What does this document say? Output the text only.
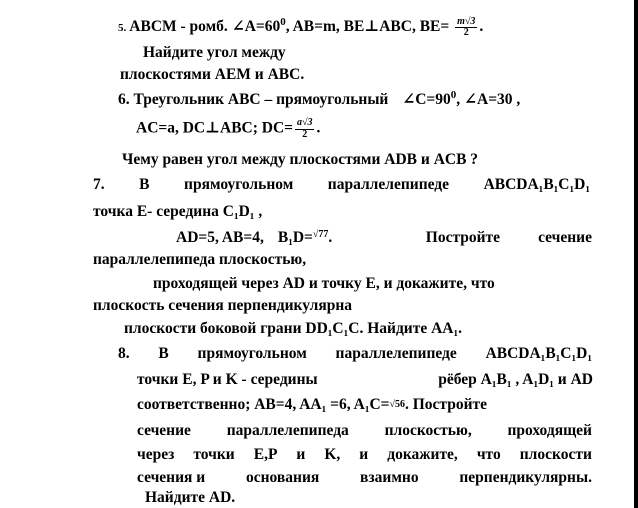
5. ABCM - ромб. $\angle A=60^0$, AB=m, BE⊥ABC, $BE= \frac{m√3}{2}$ .
Найдите угол между
плоскостями AEM и ABC.
6. Треугольник ABC – прямоугольный $\angle C=90^0$, ∠A=30 ,
AC=a, DC⊥ABC; $DC= \frac{a√3}{2}$ .
Чему равен угол между плоскостями ADB и ACB ?
7. В прямоугольном параллелепипеде ABCDA₁B₁C₁D₁
точка E- середина C₁D₁ ,
AD=5, AB=4, B₁D= √77 .	Постройте сечение
параллелепипеда плоскостью,
проходящей через AD и точку E, и докажите, что
плоскость сечения перпендикулярна
плоскости боковой грани DD₁C₁C. Найдите AA₁.
8. В прямоугольном параллелепипеде ABCDA₁B₁C₁D₁
точки E, P и K - середины	рёбер A₁B₁ , A₁D₁ и AD
соответственно; AB=4, AA₁ =6, A₁C=√56. Постройте
сечение параллелепипеда плоскостью, проходящей
через точки E,P и K, и докажите, что плоскости
сечения и	основания	взаимно	перпендикулярны.
Найдите AD.
